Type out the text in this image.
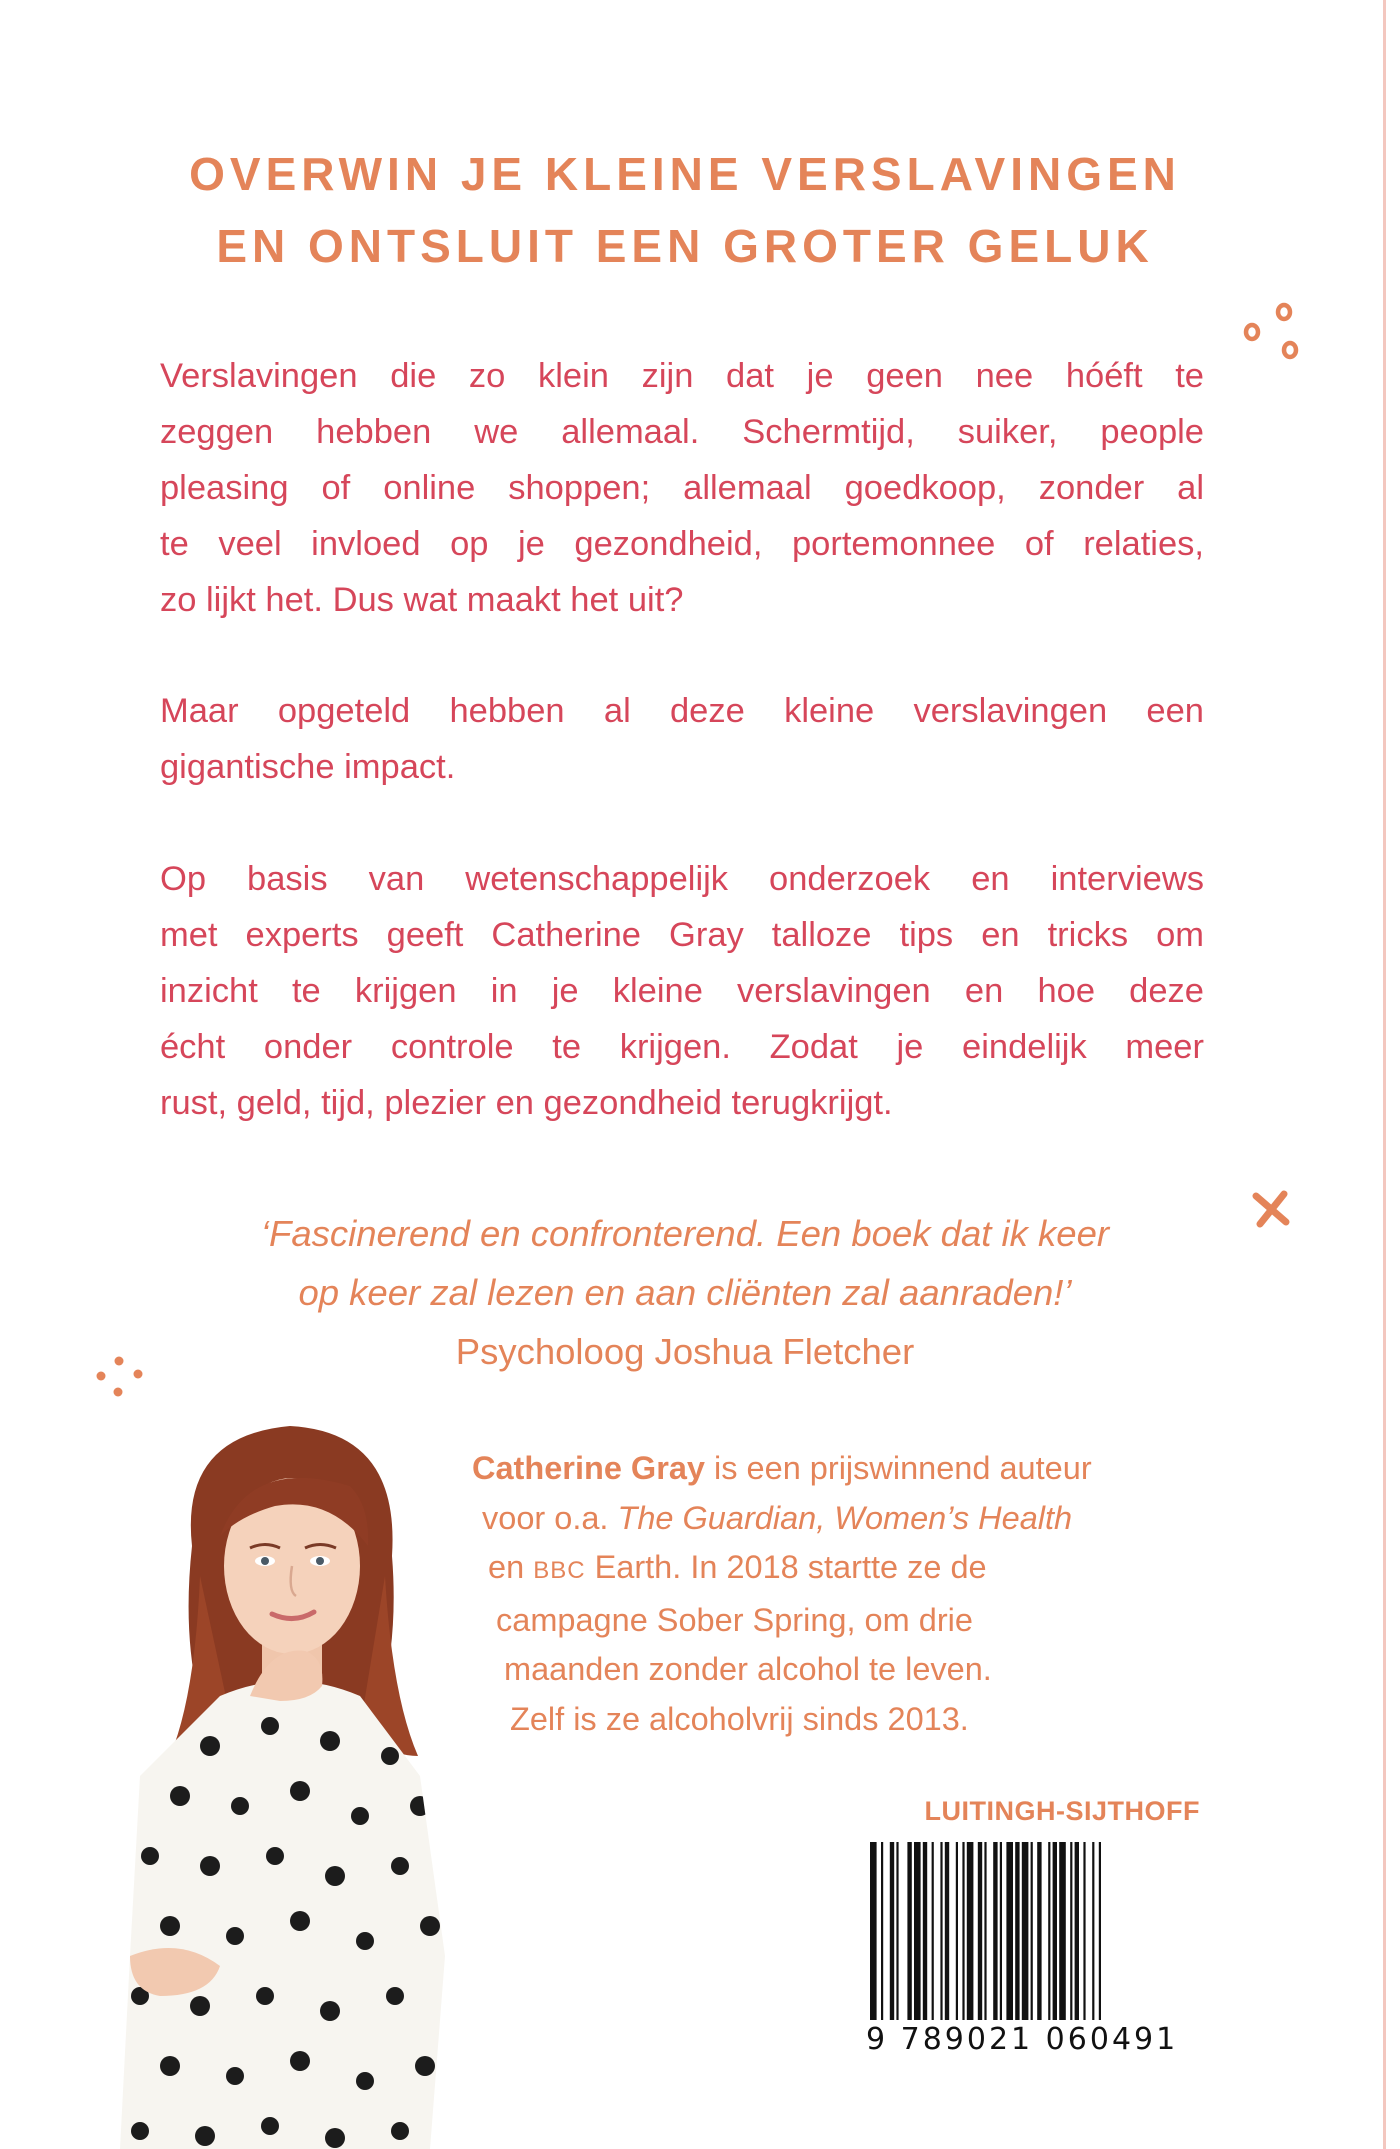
OVERWIN JE KLEINE VERSLAVINGEN
EN ONTSLUIT EEN GROTER GELUK
Verslavingen die zo klein zijn dat je geen nee hóéft te
zeggen hebben we allemaal. Schermtijd, suiker, people
pleasing of online shoppen; allemaal goedkoop, zonder al
te veel invloed op je gezondheid, portemonnee of relaties,
zo lijkt het. Dus wat maakt het uit?
Maar opgeteld hebben al deze kleine verslavingen een
gigantische impact.
Op basis van wetenschappelijk onderzoek en interviews
met experts geeft Catherine Gray talloze tips en tricks om
inzicht te krijgen in je kleine verslavingen en hoe deze
écht onder controle te krijgen. Zodat je eindelijk meer
rust, geld, tijd, plezier en gezondheid terugkrijgt.
‘Fascinerend en confronterend. Een boek dat ik keer
op keer zal lezen en aan cliënten zal aanraden!’
Psycholoog Joshua Fletcher
Catherine Gray is een prijswinnend auteur
voor o.a. The Guardian, Women’s Health
en BBC Earth. In 2018 startte ze de
campagne Sober Spring, om drie
maanden zonder alcohol te leven.
Zelf is ze alcoholvrij sinds 2013.
LUITINGH-SIJTHOFF
9 789021 060491
